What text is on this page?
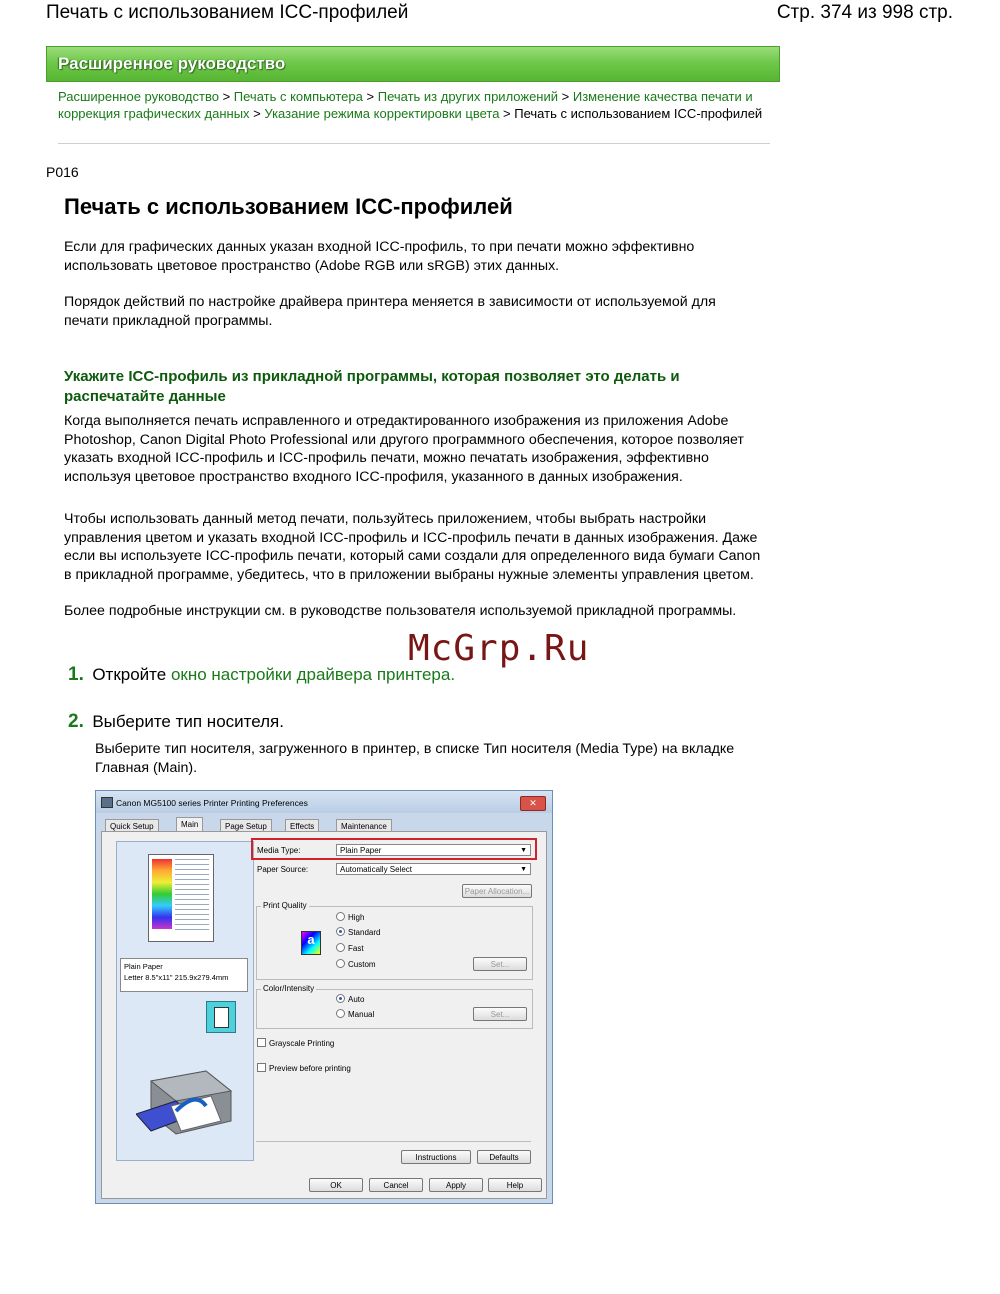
Печать с использованием ICC-профилей	Стр. 374 из 998 стр.
Расширенное руководство
Расширенное руководство > Печать с компьютера > Печать из других приложений > Изменение качества печати и коррекция графических данных > Указание режима корректировки цвета > Печать с использованием ICC-профилей
P016
Печать с использованием ICC-профилей

Если для графических данных указан входной ICC-профиль, то при печати можно эффективно использовать цветовое пространство (Adobe RGB или sRGB) этих данных.

Порядок действий по настройке драйвера принтера меняется в зависимости от используемой для печати прикладной программы.

Укажите ICC-профиль из прикладной программы, которая позволяет это делать и распечатайте данные

Когда выполняется печать исправленного и отредактированного изображения из приложения Adobe Photoshop, Canon Digital Photo Professional или другого программного обеспечения, которое позволяет указать входной ICC-профиль и ICC-профиль печати, можно печатать изображения, эффективно используя цветовое пространство входного ICC-профиля, указанного в данных изображения.

Чтобы использовать данный метод печати, пользуйтесь приложением, чтобы выбрать настройки управления цветом и указать входной ICC-профиль и ICC-профиль печати в данных изображения. Даже если вы используете ICC-профиль печати, который сами создали для определенного вида бумаги Canon в прикладной программе, убедитесь, что в приложении выбраны нужные элементы управления цветом.

Более подробные инструкции см. в руководстве пользователя используемой прикладной программы.

McGrp.Ru
1. Откройте окно настройки драйвера принтера.
2. Выберите тип носителя.

Выберите тип носителя, загруженного в принтер, в списке Тип носителя (Media Type) на вкладке Главная (Main).

Canon MG5100 series Printer Printing Preferences	✕
Quick Setup	Main	Page Setup	Effects	Maintenance
Plain Paper
Letter 8.5"x11" 215.9x279.4mm
Media Type:	Plain Paper	▼
Paper Source:	Automatically Select	▼
Paper Allocation...
Print Quality
a
High
Standard
Fast
Custom	Set...
Color/Intensity
Auto
Manual	Set...
Grayscale Printing
Preview before printing
Instructions	Defaults
OK	Cancel	Apply	Help
